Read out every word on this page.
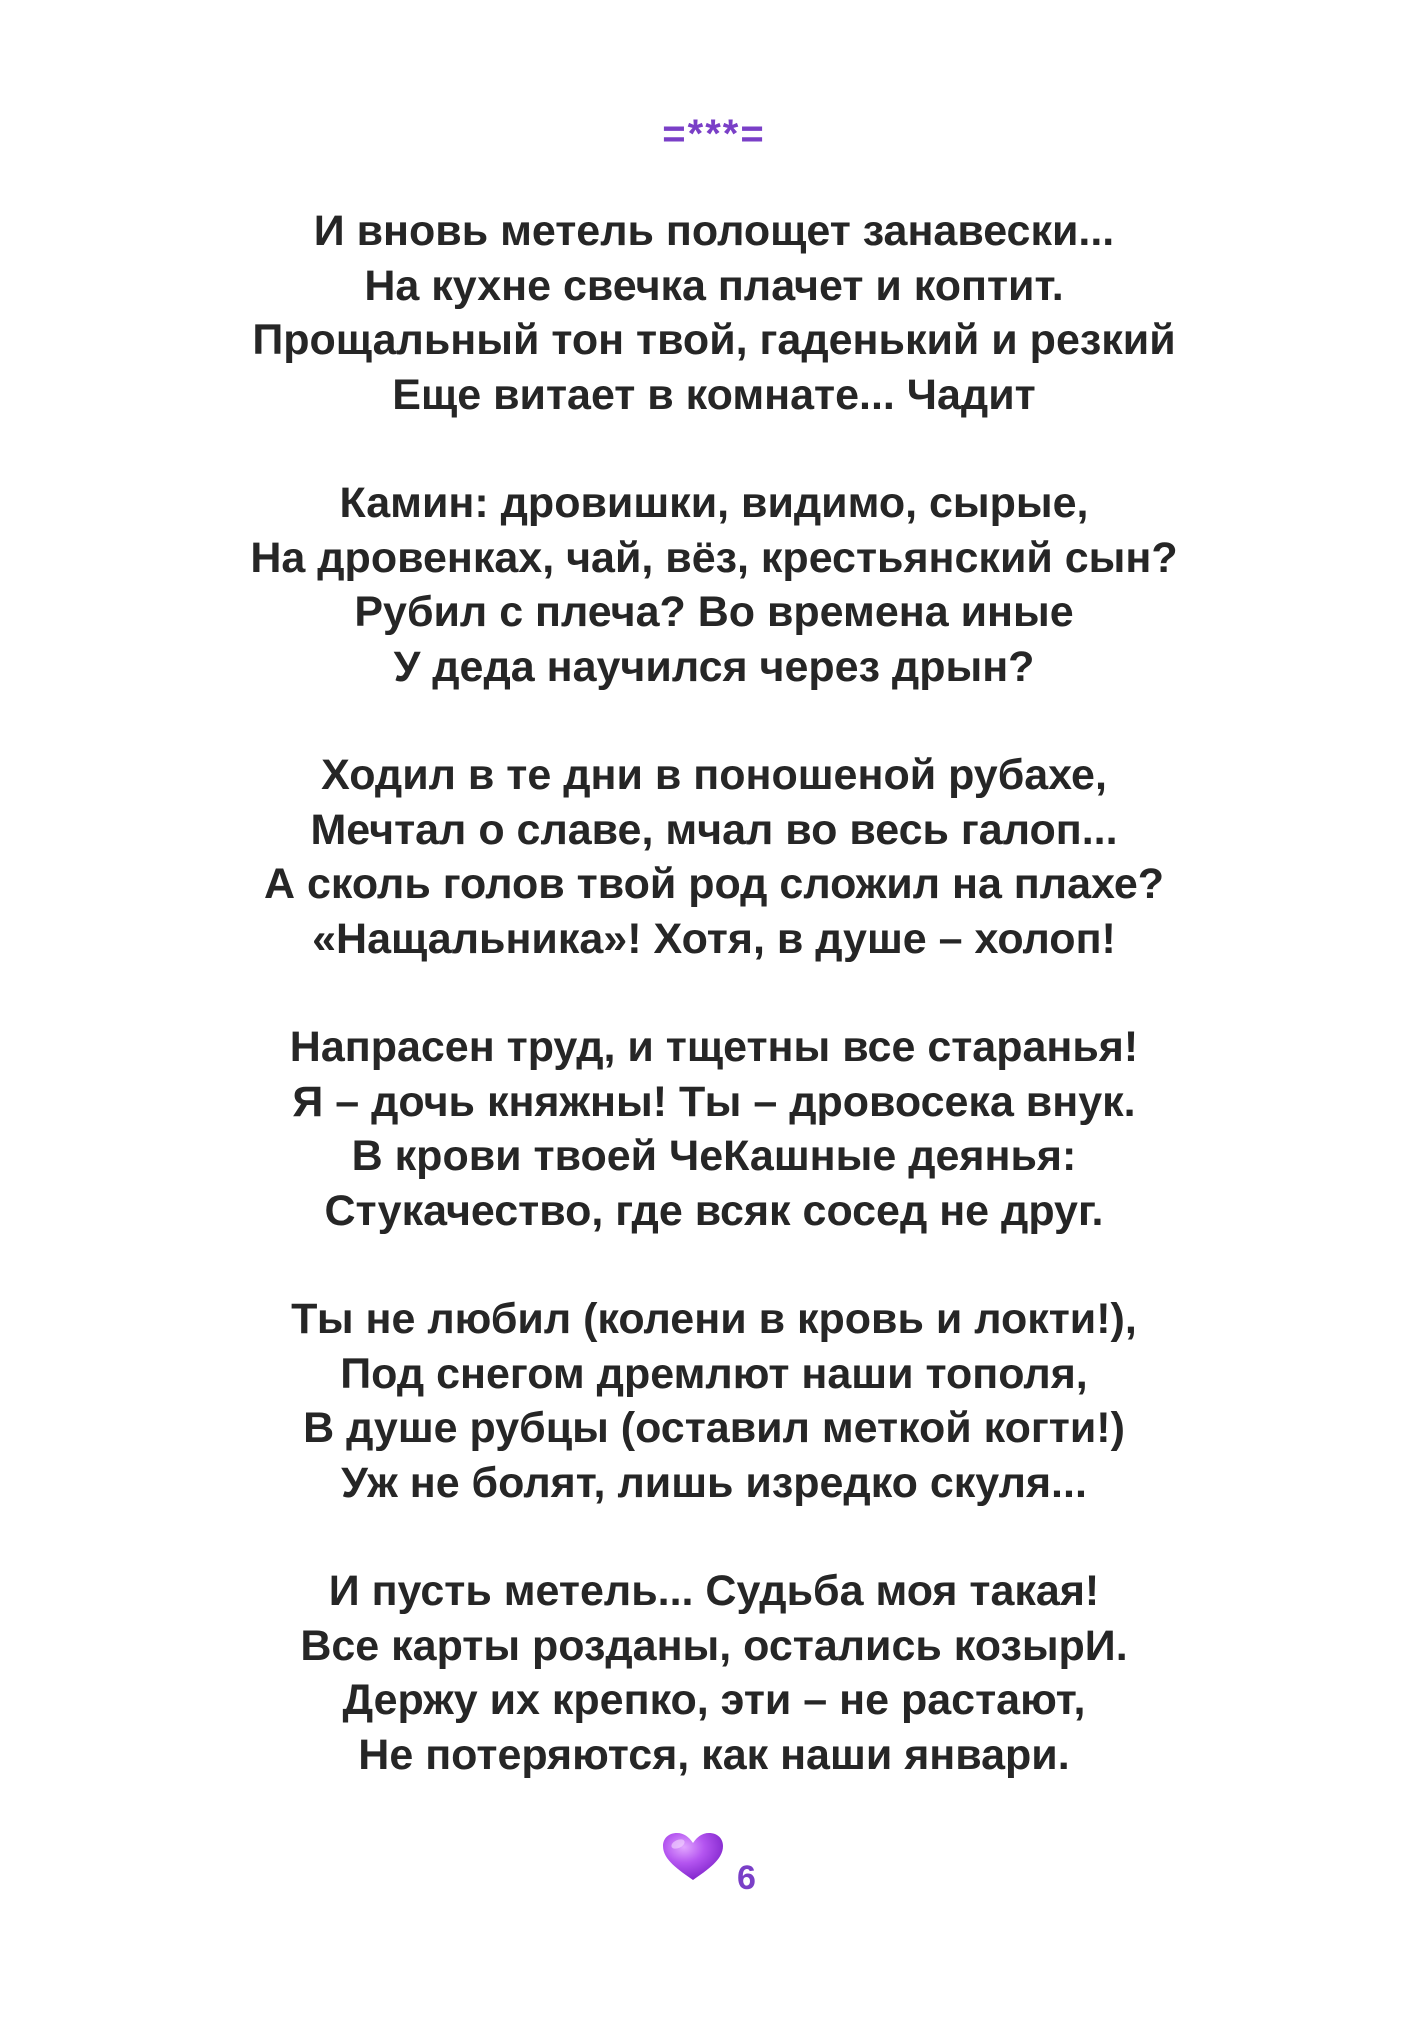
=***=
И вновь метель полощет занавески...
На кухне свечка плачет и коптит.
Прощальный тон твой, гаденький и резкий
Еще витает в комнате... Чадит
Камин: дровишки, видимо, сырые,
На дровенках, чай, вёз, крестьянский сын?
Рубил с плеча? Во времена иные
У деда научился через дрын?
Ходил в те дни в поношеной рубахе,
Мечтал о славе, мчал во весь галоп...
А сколь голов твой род сложил на плахе?
«Нащальника»! Хотя, в душе – холоп!
Напрасен труд, и тщетны все старанья!
Я – дочь княжны! Ты – дровосека внук.
В крови твоей ЧеКашные деянья:
Стукачество, где всяк сосед не друг.
Ты не любил (колени в кровь и локти!),
Под снегом дремлют наши тополя,
В душе рубцы (оставил меткой когти!)
Уж не болят, лишь изредко скуля...
И пусть метель... Судьба моя такая!
Все карты розданы, остались козырИ.
Держу их крепко, эти – не растают,
Не потеряются, как наши январи.
6
